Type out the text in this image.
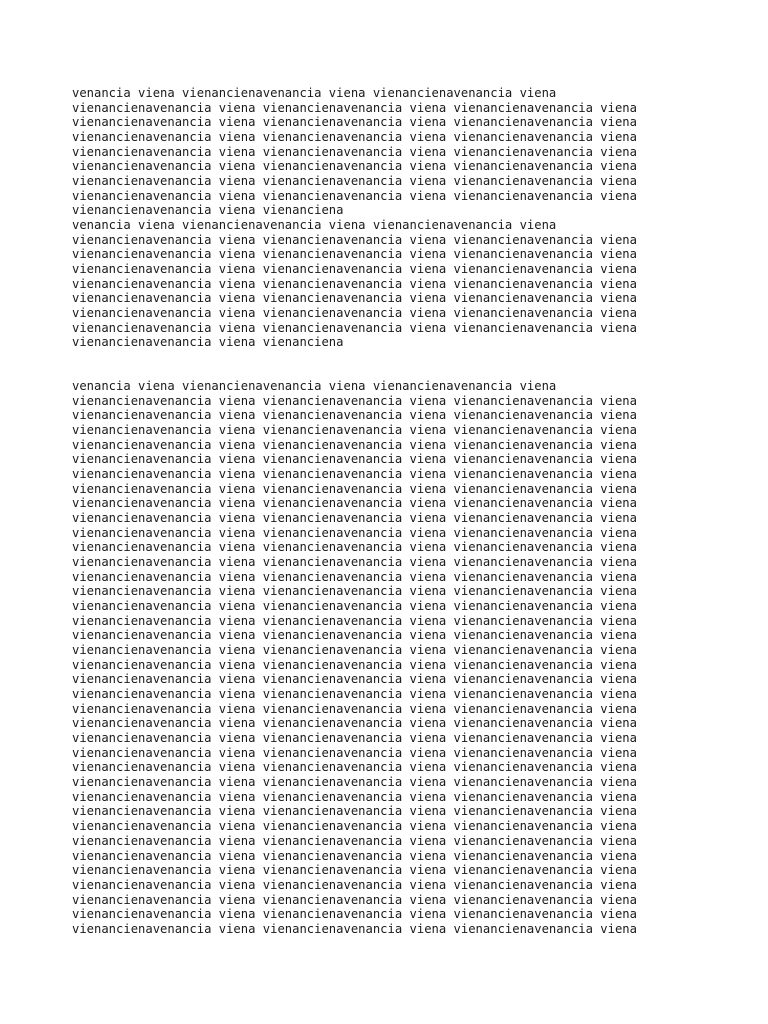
venancia viena vienancienavenancia viena vienancienavenancia viena
vienancienavenancia viena vienancienavenancia viena vienancienavenancia viena
vienancienavenancia viena vienancienavenancia viena vienancienavenancia viena
vienancienavenancia viena vienancienavenancia viena vienancienavenancia viena
vienancienavenancia viena vienancienavenancia viena vienancienavenancia viena
vienancienavenancia viena vienancienavenancia viena vienancienavenancia viena
vienancienavenancia viena vienancienavenancia viena vienancienavenancia viena
vienancienavenancia viena vienancienavenancia viena vienancienavenancia viena
vienancienavenancia viena vienanciena
venancia viena vienancienavenancia viena vienancienavenancia viena
vienancienavenancia viena vienancienavenancia viena vienancienavenancia viena
vienancienavenancia viena vienancienavenancia viena vienancienavenancia viena
vienancienavenancia viena vienancienavenancia viena vienancienavenancia viena
vienancienavenancia viena vienancienavenancia viena vienancienavenancia viena
vienancienavenancia viena vienancienavenancia viena vienancienavenancia viena
vienancienavenancia viena vienancienavenancia viena vienancienavenancia viena
vienancienavenancia viena vienancienavenancia viena vienancienavenancia viena
vienancienavenancia viena vienanciena
venancia viena vienancienavenancia viena vienancienavenancia viena
vienancienavenancia viena vienancienavenancia viena vienancienavenancia viena
vienancienavenancia viena vienancienavenancia viena vienancienavenancia viena
vienancienavenancia viena vienancienavenancia viena vienancienavenancia viena
vienancienavenancia viena vienancienavenancia viena vienancienavenancia viena
vienancienavenancia viena vienancienavenancia viena vienancienavenancia viena
vienancienavenancia viena vienancienavenancia viena vienancienavenancia viena
vienancienavenancia viena vienancienavenancia viena vienancienavenancia viena
vienancienavenancia viena vienancienavenancia viena vienancienavenancia viena
vienancienavenancia viena vienancienavenancia viena vienancienavenancia viena
vienancienavenancia viena vienancienavenancia viena vienancienavenancia viena
vienancienavenancia viena vienancienavenancia viena vienancienavenancia viena
vienancienavenancia viena vienancienavenancia viena vienancienavenancia viena
vienancienavenancia viena vienancienavenancia viena vienancienavenancia viena
vienancienavenancia viena vienancienavenancia viena vienancienavenancia viena
vienancienavenancia viena vienancienavenancia viena vienancienavenancia viena
vienancienavenancia viena vienancienavenancia viena vienancienavenancia viena
vienancienavenancia viena vienancienavenancia viena vienancienavenancia viena
vienancienavenancia viena vienancienavenancia viena vienancienavenancia viena
vienancienavenancia viena vienancienavenancia viena vienancienavenancia viena
vienancienavenancia viena vienancienavenancia viena vienancienavenancia viena
vienancienavenancia viena vienancienavenancia viena vienancienavenancia viena
vienancienavenancia viena vienancienavenancia viena vienancienavenancia viena
vienancienavenancia viena vienancienavenancia viena vienancienavenancia viena
vienancienavenancia viena vienancienavenancia viena vienancienavenancia viena
vienancienavenancia viena vienancienavenancia viena vienancienavenancia viena
vienancienavenancia viena vienancienavenancia viena vienancienavenancia viena
vienancienavenancia viena vienancienavenancia viena vienancienavenancia viena
vienancienavenancia viena vienancienavenancia viena vienancienavenancia viena
vienancienavenancia viena vienancienavenancia viena vienancienavenancia viena
vienancienavenancia viena vienancienavenancia viena vienancienavenancia viena
vienancienavenancia viena vienancienavenancia viena vienancienavenancia viena
vienancienavenancia viena vienancienavenancia viena vienancienavenancia viena
vienancienavenancia viena vienancienavenancia viena vienancienavenancia viena
vienancienavenancia viena vienancienavenancia viena vienancienavenancia viena
vienancienavenancia viena vienancienavenancia viena vienancienavenancia viena
vienancienavenancia viena vienancienavenancia viena vienancienavenancia viena
vienancienavenancia viena vienancienavenancia viena vienancienavenancia viena
